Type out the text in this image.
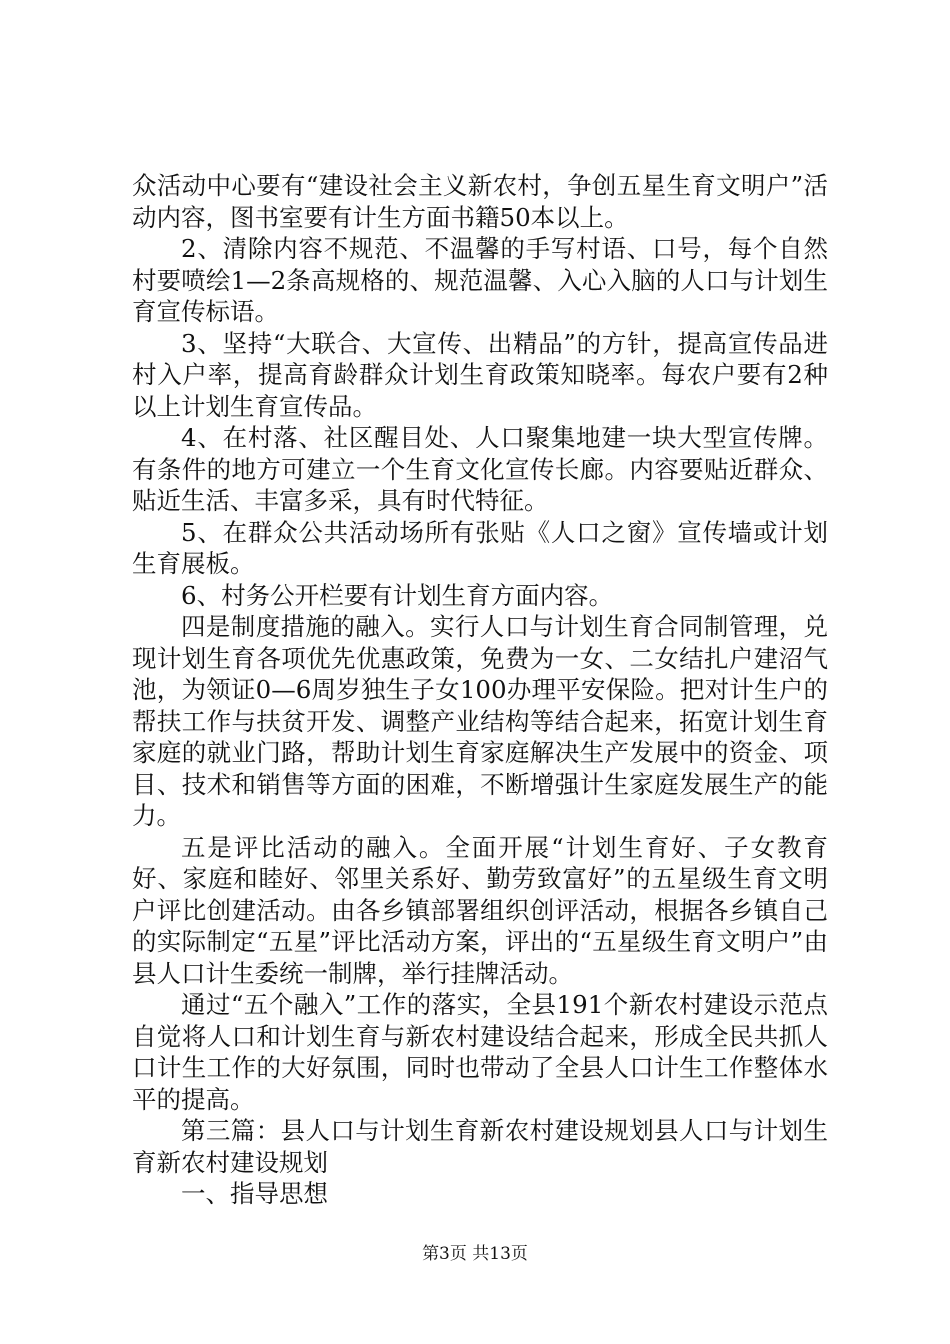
众活动中心要有“建设社会主义新农村，争创五星生育文明户”活动内容，图书室要有计生方面书籍50本以上。

2、清除内容不规范、不温馨的手写村语、口号，每个自然村要喷绘1—2条高规格的、规范温馨、入心入脑的人口与计划生育宣传标语。

3、坚持“大联合、大宣传、出精品”的方针，提高宣传品进村入户率，提高育龄群众计划生育政策知晓率。每农户要有2种以上计划生育宣传品。

4、在村落、社区醒目处、人口聚集地建一块大型宣传牌。有条件的地方可建立一个生育文化宣传长廊。内容要贴近群众、贴近生活、丰富多采，具有时代特征。

5、在群众公共活动场所有张贴《人口之窗》宣传墙或计划生育展板。

6、村务公开栏要有计划生育方面内容。

四是制度措施的融入。实行人口与计划生育合同制管理，兑现计划生育各项优先优惠政策，免费为一女、二女结扎户建沼气池，为领证0—6周岁独生子女100办理平安保险。把对计生户的帮扶工作与扶贫开发、调整产业结构等结合起来，拓宽计划生育家庭的就业门路，帮助计划生育家庭解决生产发展中的资金、项目、技术和销售等方面的困难，不断增强计生家庭发展生产的能力。

五是评比活动的融入。全面开展“计划生育好、子女教育好、家庭和睦好、邻里关系好、勤劳致富好”的五星级生育文明户评比创建活动。由各乡镇部署组织创评活动，根据各乡镇自己的实际制定“五星”评比活动方案，评出的“五星级生育文明户”由县人口计生委统一制牌，举行挂牌活动。

通过“五个融入”工作的落实，全县191个新农村建设示范点自觉将人口和计划生育与新农村建设结合起来，形成全民共抓人口计生工作的大好氛围，同时也带动了全县人口计生工作整体水平的提高。

第三篇：县人口与计划生育新农村建设规划县人口与计划生育新农村建设规划

一、指导思想

第3页 共13页
